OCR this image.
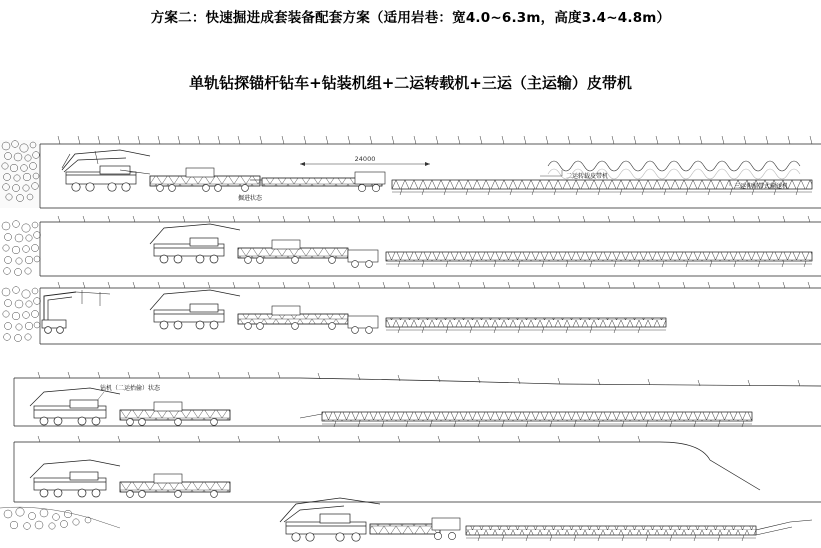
方案二：快速掘进成套装备配套方案（适用岩巷：宽4.0~6.3m，高度3.4~4.8m）
单轨钻探锚杆钻车+钻装机组+二运转载机+三运（主运输）皮带机
24000
掘进状态
二运转载皮带机
三运伸缩带式输送机
钻机（二运抬偷）状态
